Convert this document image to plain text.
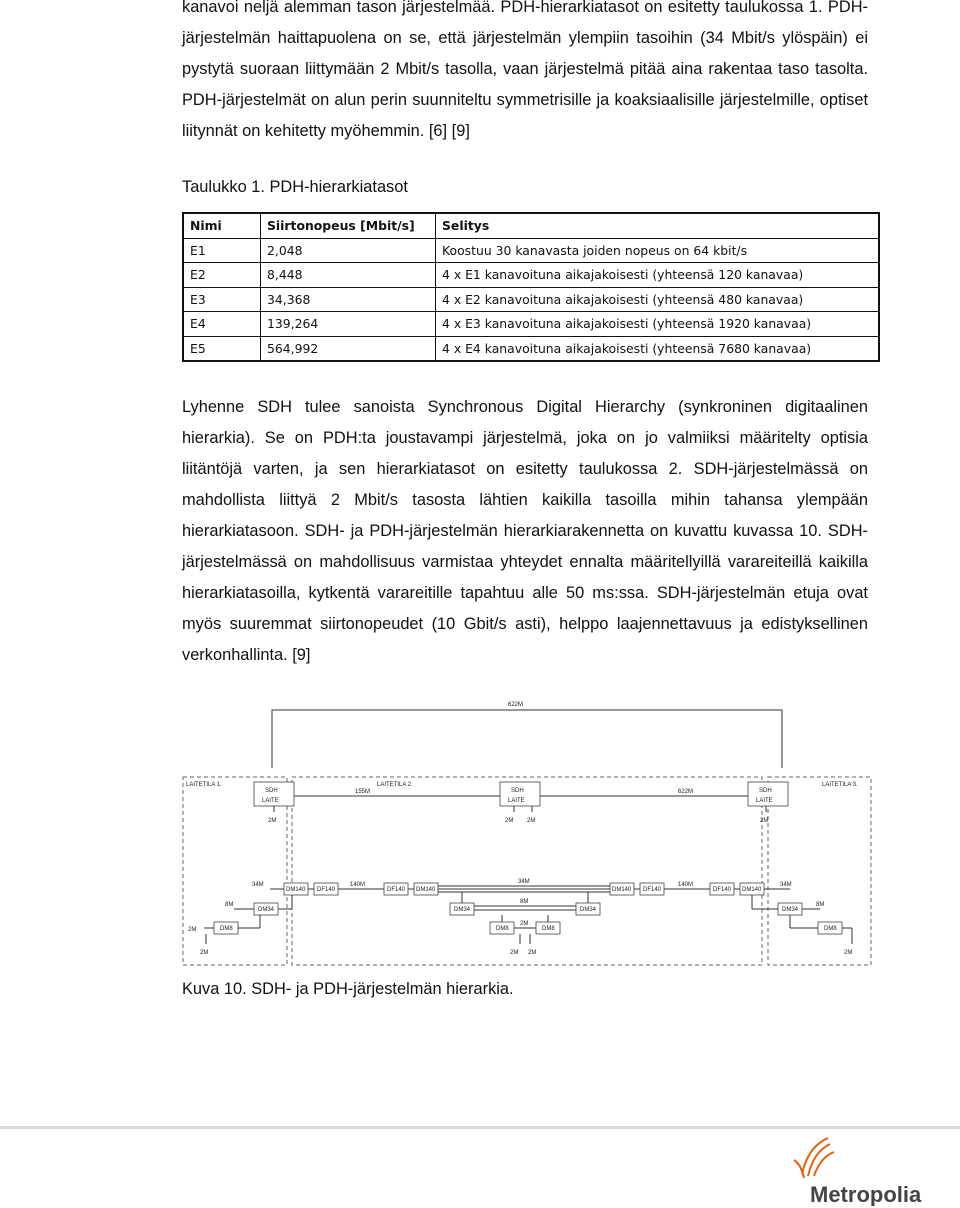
kanavoi neljä alemman tason järjestelmää. PDH-hierarkiatasot on esitetty taulukossa 1. PDH-järjestelmän haittapuolena on se, että järjestelmän ylempiin tasoihin (34 Mbit/s ylöspäin) ei pystytä suoraan liittymään 2 Mbit/s tasolla, vaan järjestelmä pitää aina rakentaa taso tasolta. PDH-järjestelmät on alun perin suunniteltu symmetrisille ja koaksiaalisille järjestelmille, optiset liitynnät on kehitetty myöhemmin. [6] [9]

Taulukko 1. PDH-hierarkiatasot
Nimi	Siirtonopeus [Mbit/s]	Selitys
E1	2,048	Koostuu 30 kanavasta joiden nopeus on 64 kbit/s
E2	8,448	4 x E1 kanavoituna aikajakoisesti (yhteensä 120 kanavaa)
E3	34,368	4 x E2 kanavoituna aikajakoisesti (yhteensä 480 kanavaa)
E4	139,264	4 x E3 kanavoituna aikajakoisesti (yhteensä 1920 kanavaa)
E5	564,992	4 x E4 kanavoituna aikajakoisesti (yhteensä 7680 kanavaa)

Lyhenne SDH tulee sanoista Synchronous Digital Hierarchy (synkroninen digitaalinen hierarkia). Se on PDH:ta joustavampi järjestelmä, joka on jo valmiiksi määritelty optisia liitäntöjä varten, ja sen hierarkiatasot on esitetty taulukossa 2. SDH-järjestelmässä on mahdollista liittyä 2 Mbit/s tasosta lähtien kaikilla tasoilla mihin tahansa ylempään hierarkiatasoon. SDH- ja PDH-järjestelmän hierarkiarakennetta on kuvattu kuvassa 10. SDH-järjestelmässä on mahdollisuus varmistaa yhteydet ennalta määritellyillä varareiteillä kaikilla hierarkiatasoilla, kytkentä varareitille tapahtuu alle 50 ms:ssa. SDH-järjestelmän etuja ovat myös suuremmat siirtonopeudet (10 Gbit/s asti), helppo laajennettavuus ja edistyksellinen verkonhallinta. [9]

622M
LAITETILA 1.	LAITETILA 2.	LAITETILA 3.
SDH
LAITE
SDH
LAITE
SDH
LAITE
155M	622M
2M	2M 2M	2M
34M
DM140 DF140
8M
DM34
2M	DM8
2M
140M
DF140 DM140
34M
DM140 DF140
DM34
8M
DM34
DM8
2M
DM8
2M 2M
140M
DF140 DM140
34M
DM34
8M
DM8
2M
Kuva 10. SDH- ja PDH-järjestelmän hierarkia.
Metropolia
